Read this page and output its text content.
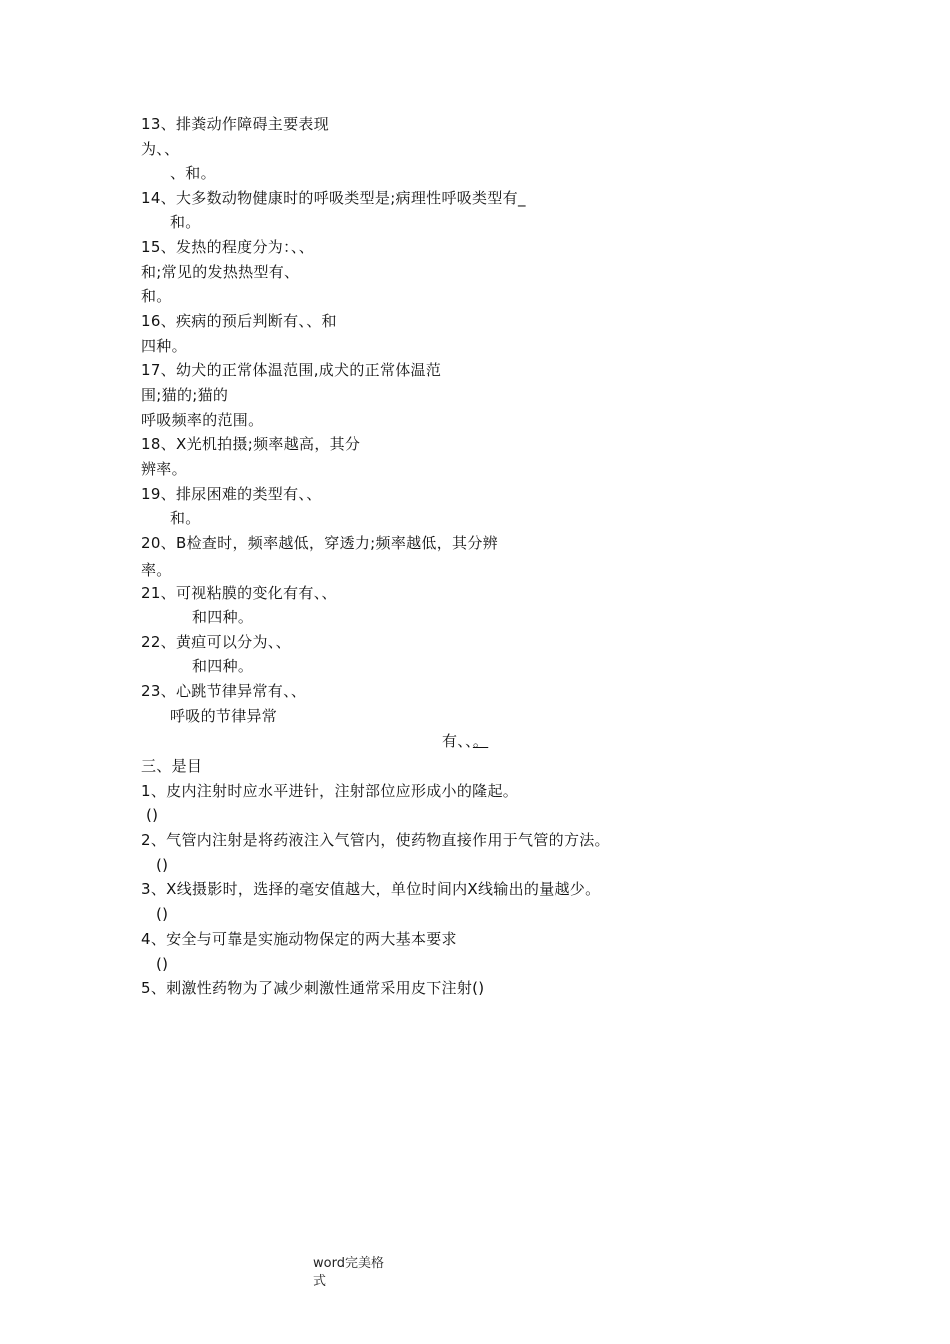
13、排粪动作障碍主要表现
为、、
、和。
14、大多数动物健康时的呼吸类型是;病理性呼吸类型有_
和。
15、发热的程度分为：、、
和;常见的发热热型有、
和。
16、疾病的预后判断有、、和
四种。
17、幼犬的正常体温范围,成犬的正常体温范
围;猫的;猫的
呼吸频率的范围。
18、X光机拍摄;频率越高，其分
辨率。
19、排尿困难的类型有、、
和。
20、B检查时，频率越低，穿透力;频率越低，其分辨
率。
21、可视粘膜的变化有有、、
和四种。
22、黄疸可以分为、、
和四种。
23、心跳节律异常有、、
呼吸的节律异常
有、、。
三、是目
1、皮内注射时应水平进针，注射部位应形成小的隆起。
()
2、气管内注射是将药液注入气管内，使药物直接作用于气管的方法。
()
3、X线摄影时，选择的毫安值越大，单位时间内X线输出的量越少。
()
4、安全与可靠是实施动物保定的两大基本要求
()
5、刺激性药物为了减少刺激性通常采用皮下注射()
word完美格
式
